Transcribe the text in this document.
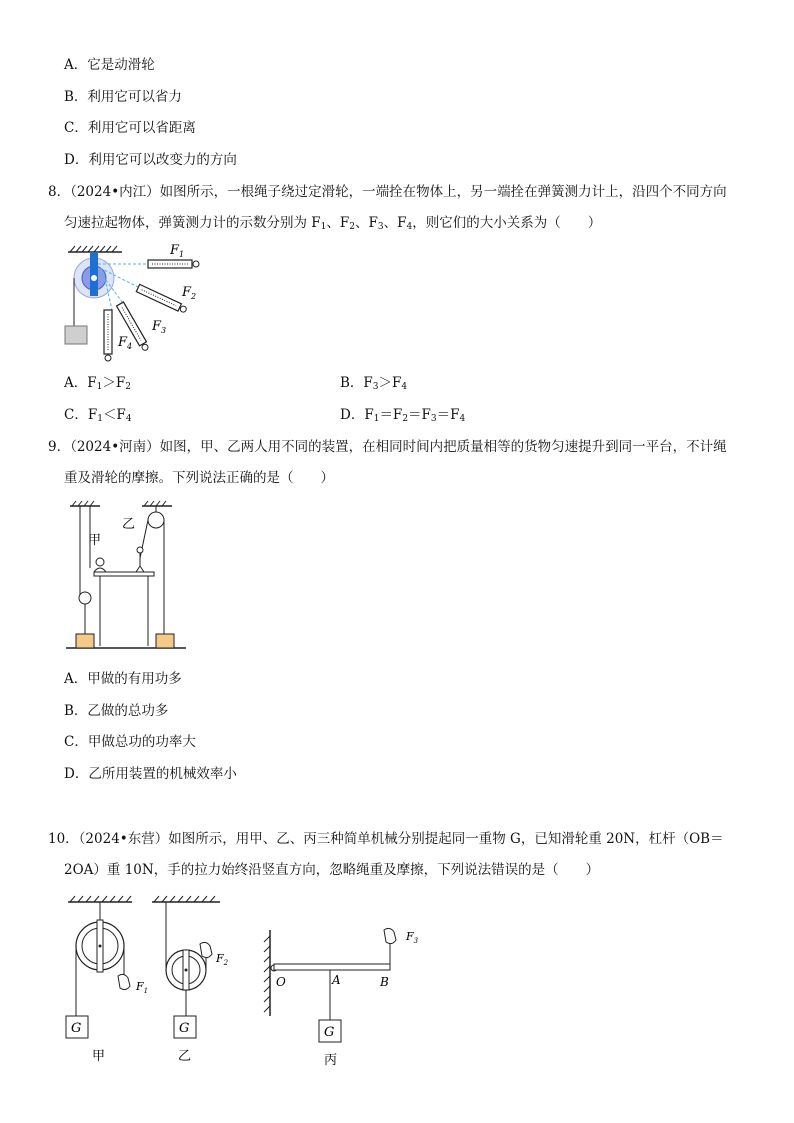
A．它是动滑轮
B．利用它可以省力
C．利用它可以省距离
D．利用它可以改变力的方向
8．（2024•内江）如图所示，一根绳子绕过定滑轮，一端拴在物体上，另一端拴在弹簧测力计上，沿四个不同方向
匀速拉起物体，弹簧测力计的示数分别为 $F_1$、$F_2$、$F_3$、$F_4$，则它们的大小关系为（　　）
$F_1$
$F_2$
$F_3$
$F_4$
A．$F_1>F_2$	B．$F_3>F_4$
C．$F_1<F_4$	D．$F_1=F_2=F_3=F_4$
9．（2024•河南）如图，甲、乙两人用不同的装置，在相同时间内把质量相等的货物匀速提升到同一平台，不计绳
重及滑轮的摩擦。下列说法正确的是（　　）
甲
乙
A．甲做的有用功多
B．乙做的总功多
C．甲做总功的功率大
D．乙所用装置的机械效率小
10．（2024•东营）如图所示，用甲、乙、丙三种简单机械分别提起同一重物 G，已知滑轮重 20N，杠杆（OB＝
2OA）重 10N，手的拉力始终沿竖直方向，忽略绳重及摩擦，下列说法错误的是（　　）
G
$F_1$
甲
G
$F_2$
乙
G
O	A	B
$F_3$
丙
